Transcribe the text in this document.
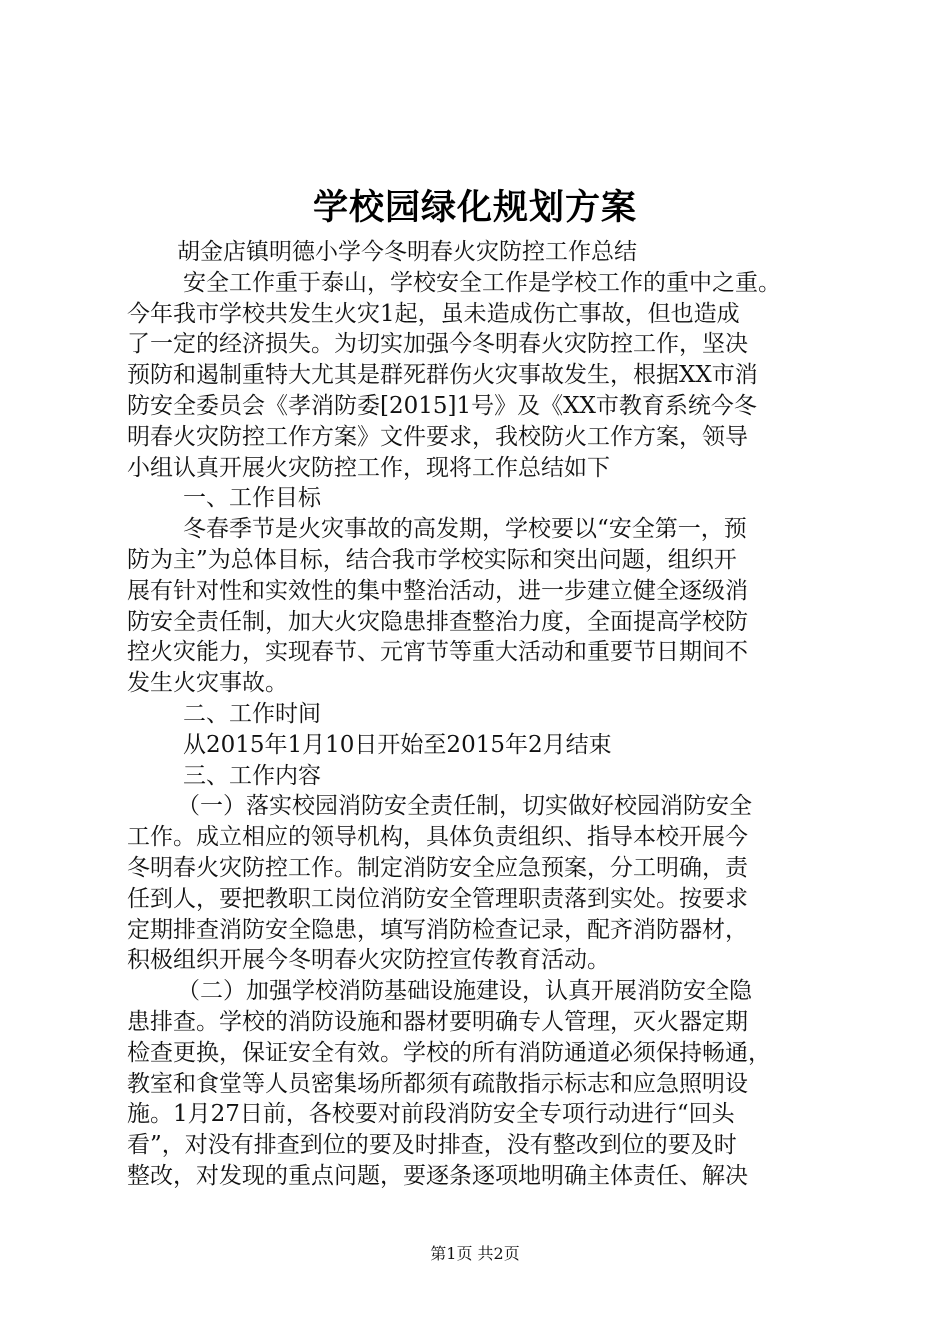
学校园绿化规划方案
胡金店镇明德小学今冬明春火灾防控工作总结
安全工作重于泰山，学校安全工作是学校工作的重中之重。
今年我市学校共发生火灾1起，虽未造成伤亡事故，但也造成
了一定的经济损失。为切实加强今冬明春火灾防控工作，坚决
预防和遏制重特大尤其是群死群伤火灾事故发生，根据XX市消
防安全委员会《孝消防委[2015]1号》及《XX市教育系统今冬
明春火灾防控工作方案》文件要求，我校防火工作方案，领导
小组认真开展火灾防控工作，现将工作总结如下
一、工作目标
冬春季节是火灾事故的高发期，学校要以“安全第一，预
防为主”为总体目标，结合我市学校实际和突出问题，组织开
展有针对性和实效性的集中整治活动，进一步建立健全逐级消
防安全责任制，加大火灾隐患排查整治力度，全面提高学校防
控火灾能力，实现春节、元宵节等重大活动和重要节日期间不
发生火灾事故。
二、工作时间
从2015年1月10日开始至2015年2月结束
三、工作内容
（一）落实校园消防安全责任制，切实做好校园消防安全
工作。成立相应的领导机构，具体负责组织、指导本校开展今
冬明春火灾防控工作。制定消防安全应急预案，分工明确，责
任到人，要把教职工岗位消防安全管理职责落到实处。按要求
定期排查消防安全隐患，填写消防检查记录，配齐消防器材，
积极组织开展今冬明春火灾防控宣传教育活动。
（二）加强学校消防基础设施建设，认真开展消防安全隐
患排查。学校的消防设施和器材要明确专人管理，灭火器定期
检查更换，保证安全有效。学校的所有消防通道必须保持畅通，
教室和食堂等人员密集场所都须有疏散指示标志和应急照明设
施。1月27日前，各校要对前段消防安全专项行动进行“回头
看”，对没有排查到位的要及时排查，没有整改到位的要及时
整改，对发现的重点问题，要逐条逐项地明确主体责任、解决
第1页 共2页
